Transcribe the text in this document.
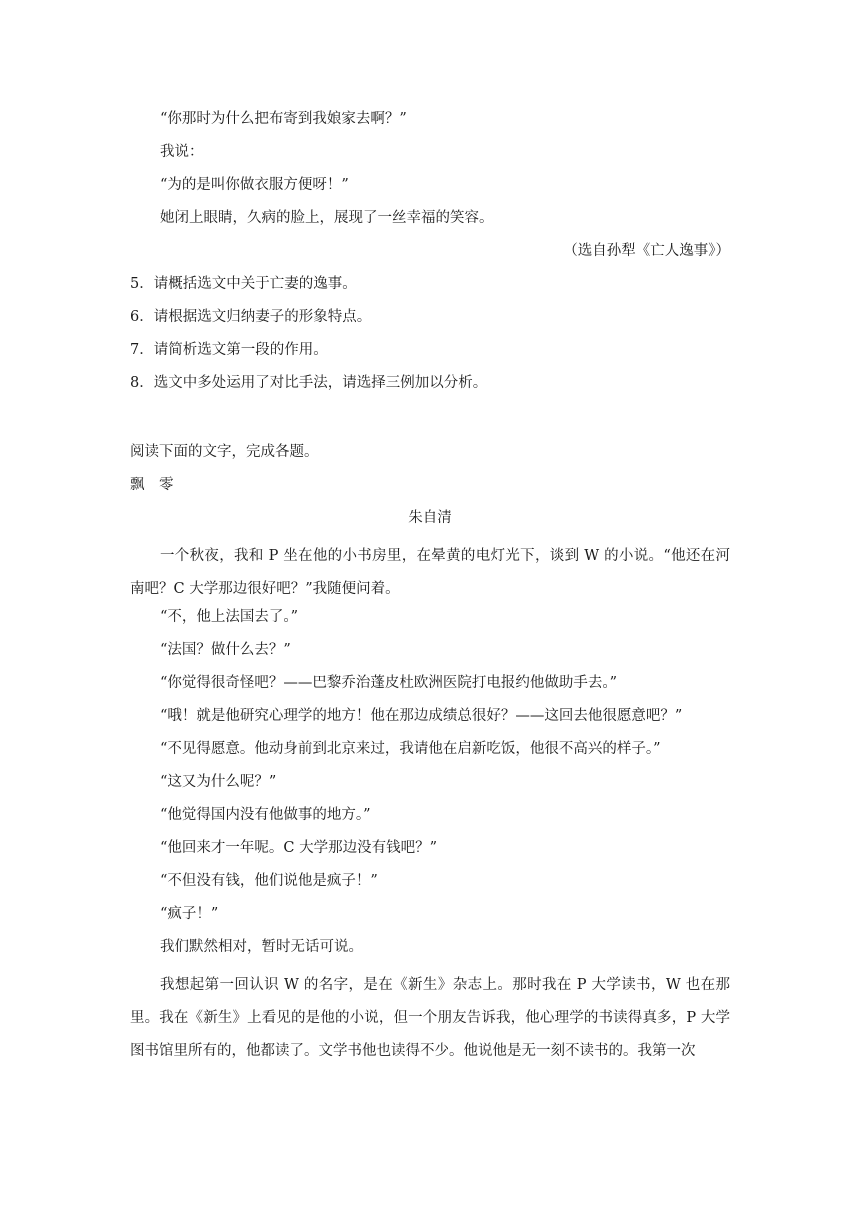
“你那时为什么把布寄到我娘家去啊？”
我说：
“为的是叫你做衣服方便呀！”
她闭上眼睛，久病的脸上，展现了一丝幸福的笑容。
（选自孙犁《亡人逸事》）
5．请概括选文中关于亡妻的逸事。
6．请根据选文归纳妻子的形象特点。
7．请简析选文第一段的作用。
8．选文中多处运用了对比手法，请选择三例加以分析。
阅读下面的文字，完成各题。
飘　零
朱自清
一个秋夜，我和 P 坐在他的小书房里，在晕黄的电灯光下，谈到 W 的小说。“他还在河南吧？C 大学那边很好吧？”我随便问着。
“不，他上法国去了。”
“法国？做什么去？”
“你觉得很奇怪吧？——巴黎乔治蓬皮杜欧洲医院打电报约他做助手去。”
“哦！就是他研究心理学的地方！他在那边成绩总很好？——这回去他很愿意吧？”
“不见得愿意。他动身前到北京来过，我请他在启新吃饭，他很不高兴的样子。”
“这又为什么呢？”
“他觉得国内没有他做事的地方。”
“他回来才一年呢。C 大学那边没有钱吧？”
“不但没有钱，他们说他是疯子！”
“疯子！”
我们默然相对，暂时无话可说。
我想起第一回认识 W 的名字，是在《新生》杂志上。那时我在 P 大学读书，W 也在那里。我在《新生》上看见的是他的小说，但一个朋友告诉我，他心理学的书读得真多，P 大学图书馆里所有的，他都读了。文学书他也读得不少。他说他是无一刻不读书的。我第一次
